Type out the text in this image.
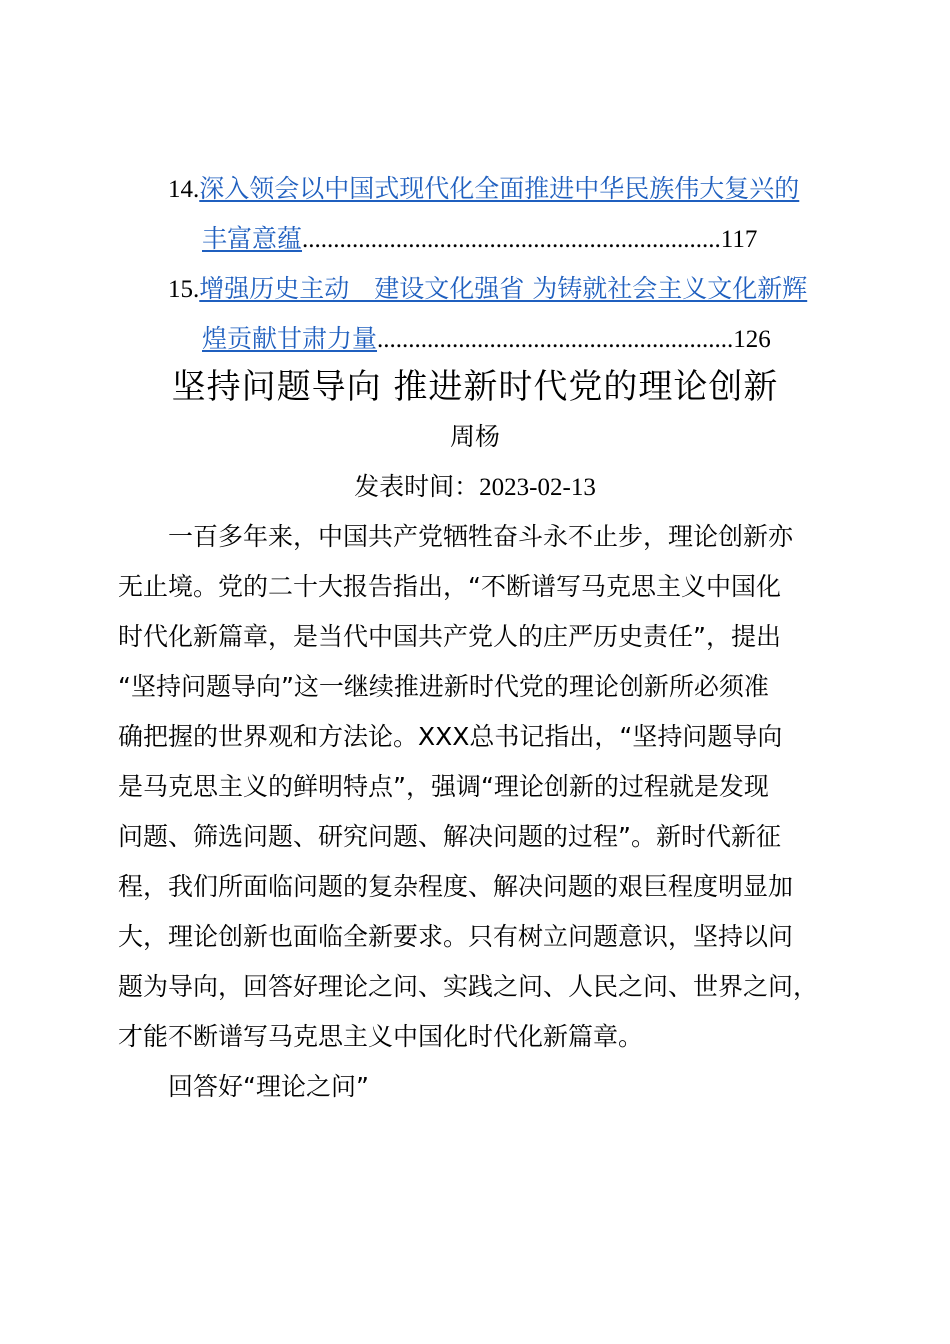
14.深入领会以中国式现代化全面推进中华民族伟大复兴的
丰富意蕴...................................................................117
15.增强历史主动　建设文化强省 为铸就社会主义文化新辉
煌贡献甘肃力量.........................................................126
坚持问题导向 推进新时代党的理论创新
周杨
发表时间：2023-02-13
一百多年来，中国共产党牺牲奋斗永不止步，理论创新亦
无止境。党的二十大报告指出，“不断谱写马克思主义中国化
时代化新篇章，是当代中国共产党人的庄严历史责任”，提出
“坚持问题导向”这一继续推进新时代党的理论创新所必须准
确把握的世界观和方法论。XXX总书记指出，“坚持问题导向
是马克思主义的鲜明特点”，强调“理论创新的过程就是发现
问题、筛选问题、研究问题、解决问题的过程”。新时代新征
程，我们所面临问题的复杂程度、解决问题的艰巨程度明显加
大，理论创新也面临全新要求。只有树立问题意识，坚持以问
题为导向，回答好理论之问、实践之问、人民之问、世界之问，
才能不断谱写马克思主义中国化时代化新篇章。
回答好“理论之问”
